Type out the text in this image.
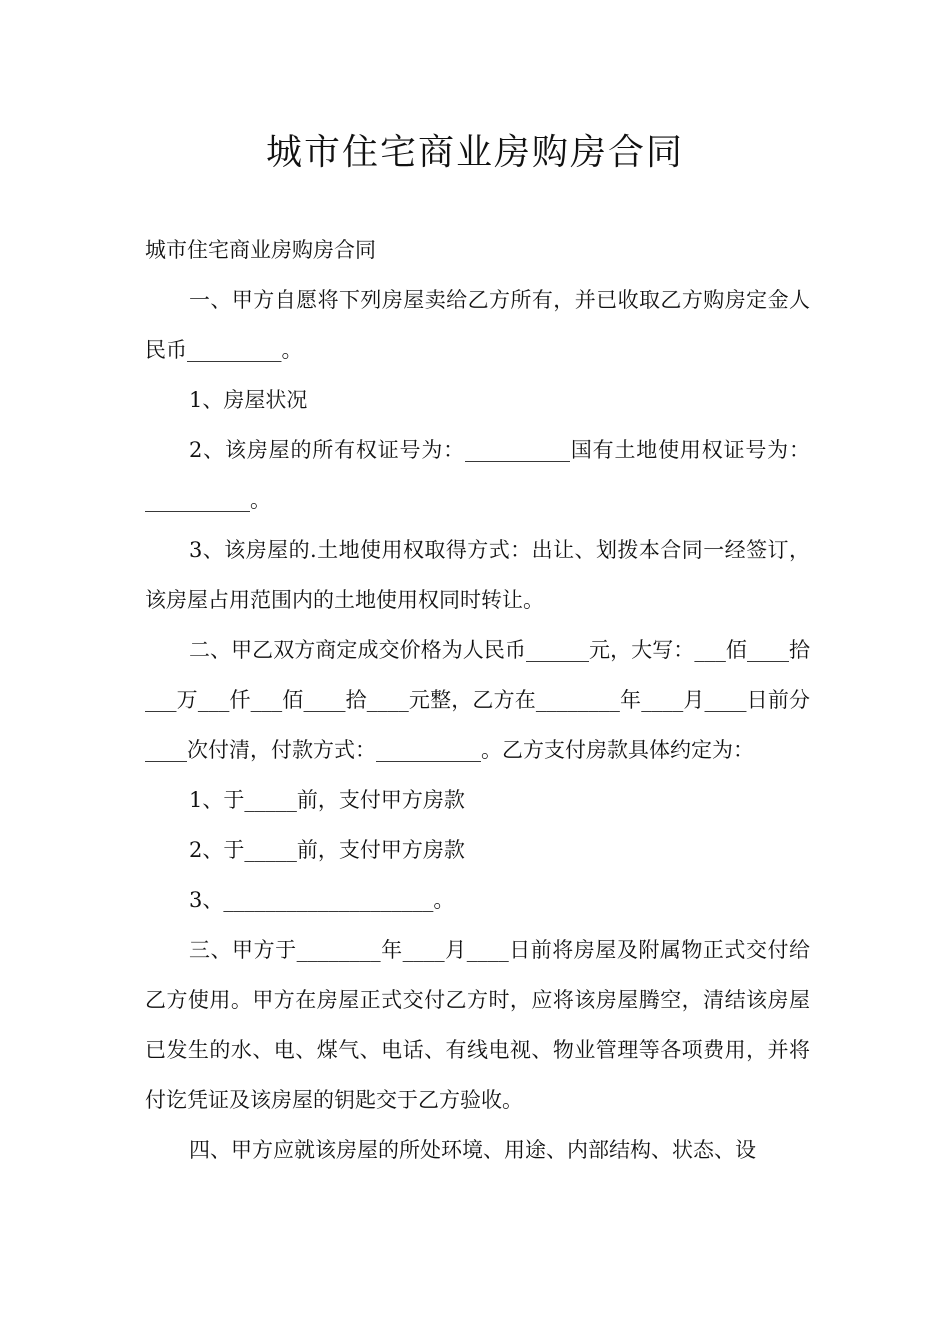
城市住宅商业房购房合同

城市住宅商业房购房合同

一、甲方自愿将下列房屋卖给乙方所有，并已收取乙方购房定金人民币_________。

1、房屋状况

2、该房屋的所有权证号为：__________国有土地使用权证号为：__________。

3、该房屋的.土地使用权取得方式：出让、划拨本合同一经签订，该房屋占用范围内的土地使用权同时转让。

二、甲乙双方商定成交价格为人民币______元，大写：___佰____拾___万___仟___佰____拾____元整，乙方在________年____月____日前分____次付清，付款方式：__________。乙方支付房款具体约定为：

1、于_____前，支付甲方房款

2、于_____前，支付甲方房款

3、____________________。

三、甲方于________年____月____日前将房屋及附属物正式交付给乙方使用。甲方在房屋正式交付乙方时，应将该房屋腾空，清结该房屋已发生的水、电、煤气、电话、有线电视、物业管理等各项费用，并将付讫凭证及该房屋的钥匙交于乙方验收。

四、甲方应就该房屋的所处环境、用途、内部结构、状态、设
